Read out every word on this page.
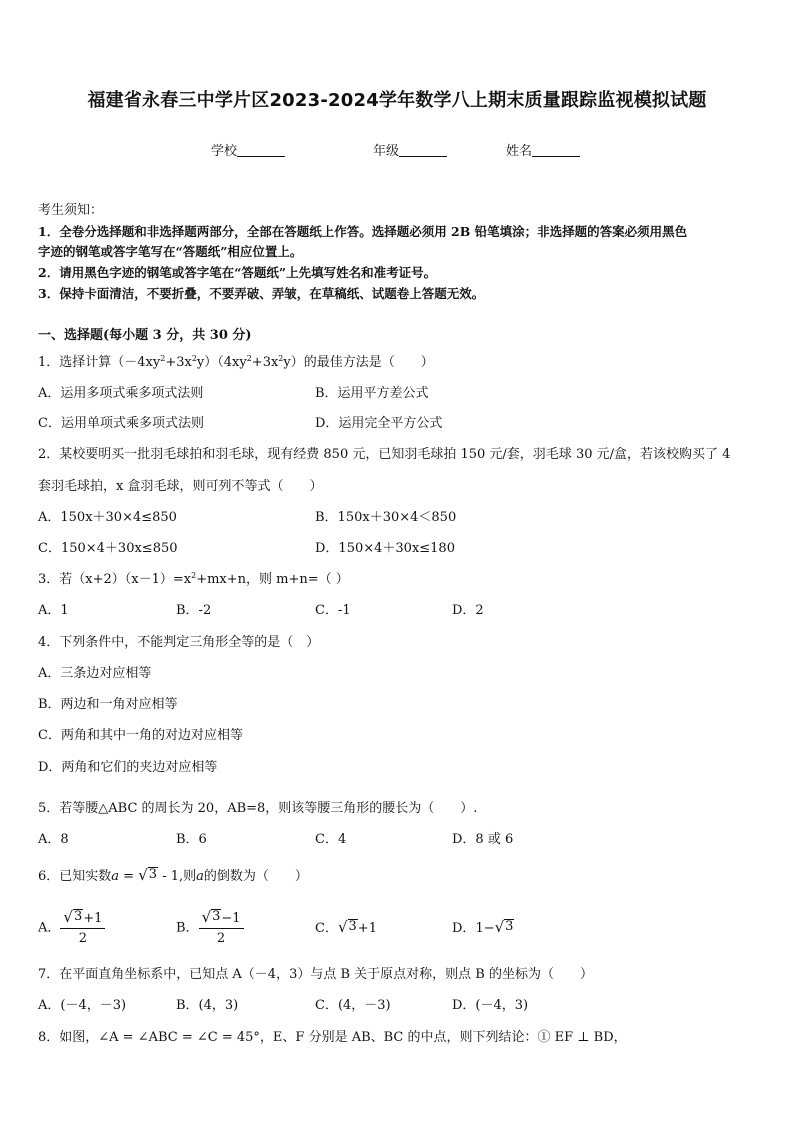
福建省永春三中学片区2023-2024学年数学八上期末质量跟踪监视模拟试题
学校	年级	姓名
考生须知：
1．全卷分选择题和非选择题两部分，全部在答题纸上作答。选择题必须用 2B 铅笔填涂；非选择题的答案必须用黑色
字迹的钢笔或答字笔写在“答题纸”相应位置上。
2．请用黑色字迹的钢笔或答字笔在“答题纸”上先填写姓名和准考证号。
3．保持卡面清洁，不要折叠，不要弄破、弄皱，在草稿纸、试题卷上答题无效。
一、选择题(每小题 3 分，共 30 分)
1．选择计算$(-4xy^2+3x^2y)(4xy^2+3x^2y)$的最佳方法是（　　）
A．运用多项式乘多项式法则	B．运用平方差公式
C．运用单项式乘多项式法则	D．运用完全平方公式
2．某校要明买一批羽毛球拍和羽毛球，现有经费 850 元，已知羽毛球拍 150 元/套，羽毛球 30 元/盒，若该校购买了 4
套羽毛球拍，x 盒羽毛球，则可列不等式（　　）
A．150x＋30×4≤850	B．150x＋30×4＜850
C．150×4＋30x≤850	D．150×4＋30x≤180
3．若$(x+2)(x-1)=x^2+mx+n$，则 m+n=（ ）
A．1	B．-2	C．-1	D．2
4．下列条件中，不能判定三角形全等的是（　）
A．三条边对应相等
B．两边和一角对应相等
C．两角和其中一角的对边对应相等
D．两角和它们的夹边对应相等
5．若等腰△ABC 的周长为 20，AB=8，则该等腰三角形的腰长为（　　）.
A．8	B．6	C．4	D．8 或 6
6．已知实数a = √ 3 - 1,则a的倒数为（　　）
A． $\frac{√ 3 +1}{2}$	B． $\frac{√ 3 -1}{2}$	C． √ 3 +1	D．1− √ 3
7．在平面直角坐标系中，已知点 A（－4，3）与点 B 关于原点对称，则点 B 的坐标为（　　）
A．(－4，－3)	B．(4，3)	C．(4，－3)	D．(－4，3)
8．如图，∠A = ∠ABC = ∠C = 45°，E、F 分别是 AB、BC 的中点，则下列结论：① EF ⊥ BD，
